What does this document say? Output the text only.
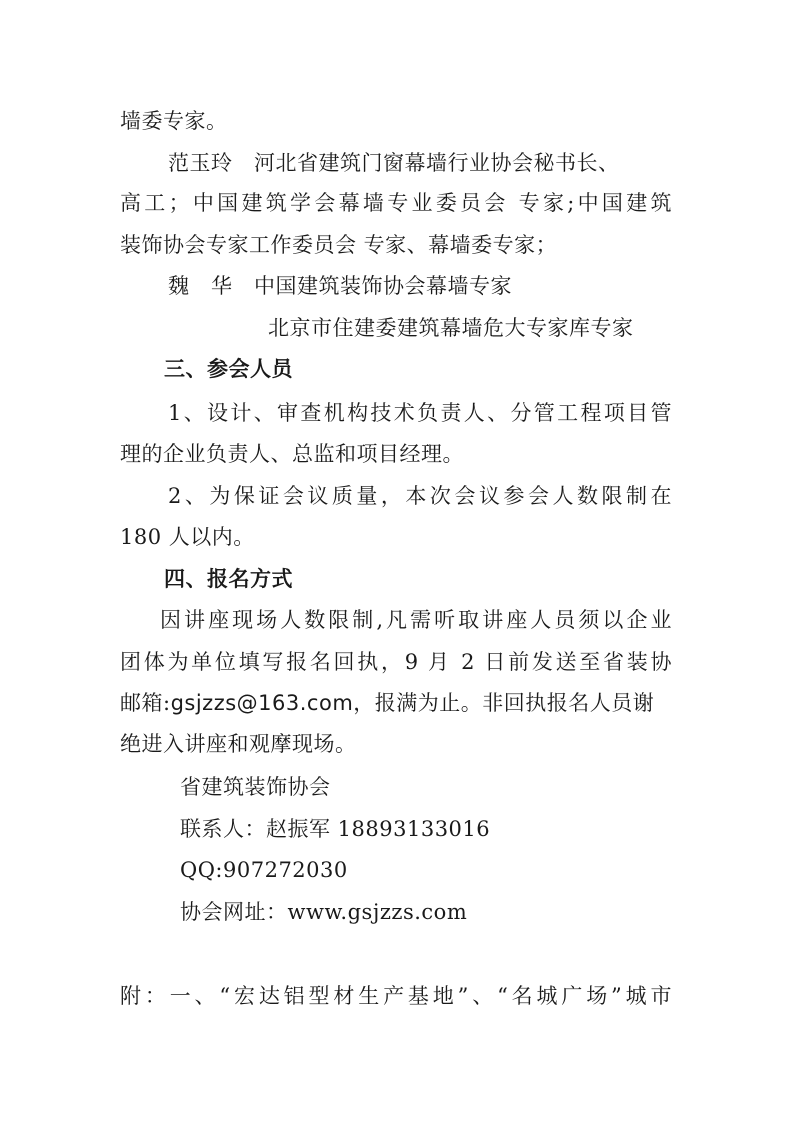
墙委专家。
范玉玲　河北省建筑门窗幕墙行业协会秘书长、
高工；中国建筑学会幕墙专业委员会 专家;中国建筑
装饰协会专家工作委员会 专家、幕墙委专家；
魏　华　中国建筑装饰协会幕墙专家
北京市住建委建筑幕墙危大专家库专家
三、参会人员
1、设计、审查机构技术负责人、分管工程项目管
理的企业负责人、总监和项目经理。
2、为保证会议质量，本次会议参会人数限制在
180 人以内。
四、报名方式
因讲座现场人数限制,凡需听取讲座人员须以企业
团体为单位填写报名回执，9 月 2 日前发送至省装协
邮箱:gsjzzs@163.com，报满为止。非回执报名人员谢
绝进入讲座和观摩现场。
省建筑装饰协会
联系人：赵振军 18893133016
QQ:907272030
协会网址：www.gsjzzs.com
附：一、“宏达铝型材生产基地”、“名城广场”城市
